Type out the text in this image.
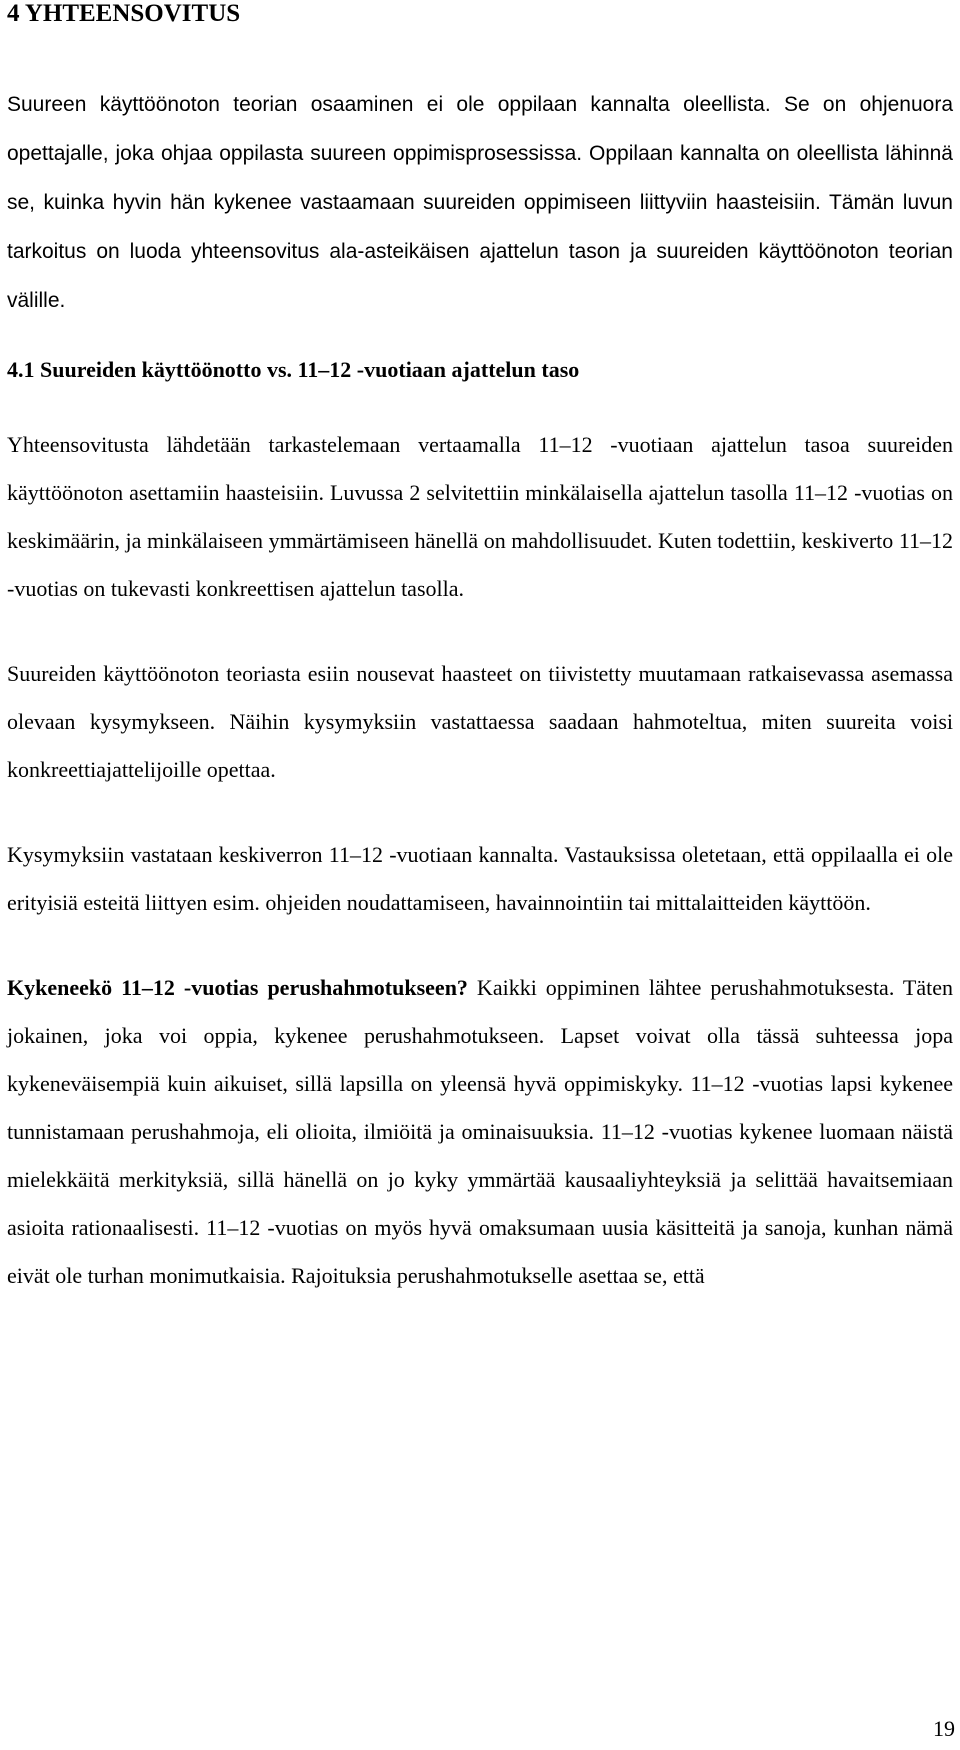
4 YHTEENSOVITUS

Suureen käyttöönoton teorian osaaminen ei ole oppilaan kannalta oleellista. Se on ohjenuora opettajalle, joka ohjaa oppilasta suureen oppimisprosessissa. Oppilaan kannalta on oleellista lähinnä se, kuinka hyvin hän kykenee vastaamaan suureiden oppimiseen liittyviin haasteisiin. Tämän luvun tarkoitus on luoda yhteensovitus ala-asteikäisen ajattelun tason ja suureiden käyttöönoton teorian välille.

4.1 Suureiden käyttöönotto vs. 11–12 -vuotiaan ajattelun taso

Yhteensovitusta lähdetään tarkastelemaan vertaamalla 11–12 -vuotiaan ajattelun tasoa suureiden käyttöönoton asettamiin haasteisiin. Luvussa 2 selvitettiin minkälaisella ajattelun tasolla 11–12 -vuotias on keskimäärin, ja minkälaiseen ymmärtämiseen hänellä on mahdollisuudet. Kuten todettiin, keskiverto 11–12 -vuotias on tukevasti konkreettisen ajattelun tasolla.

Suureiden käyttöönoton teoriasta esiin nousevat haasteet on tiivistetty muutamaan ratkaisevassa asemassa olevaan kysymykseen. Näihin kysymyksiin vastattaessa saadaan hahmoteltua, miten suureita voisi konkreettiajattelijoille opettaa.

Kysymyksiin vastataan keskiverron 11–12 -vuotiaan kannalta. Vastauksissa oletetaan, että oppilaalla ei ole erityisiä esteitä liittyen esim. ohjeiden noudattamiseen, havainnointiin tai mittalaitteiden käyttöön.

Kykeneekö 11–12 -vuotias perushahmotukseen? Kaikki oppiminen lähtee perushahmotuksesta. Täten jokainen, joka voi oppia, kykenee perushahmotukseen. Lapset voivat olla tässä suhteessa jopa kykeneväisempiä kuin aikuiset, sillä lapsilla on yleensä hyvä oppimiskyky. 11–12 -vuotias lapsi kykenee tunnistamaan perushahmoja, eli olioita, ilmiöitä ja ominaisuuksia. 11–12 -vuotias kykenee luomaan näistä mielekkäitä merkityksiä, sillä hänellä on jo kyky ymmärtää kausaaliyhteyksiä ja selittää havaitsemiaan asioita rationaalisesti. 11–12 -vuotias on myös hyvä omaksumaan uusia käsitteitä ja sanoja, kunhan nämä eivät ole turhan monimutkaisia. Rajoituksia perushahmotukselle asettaa se, että

19
